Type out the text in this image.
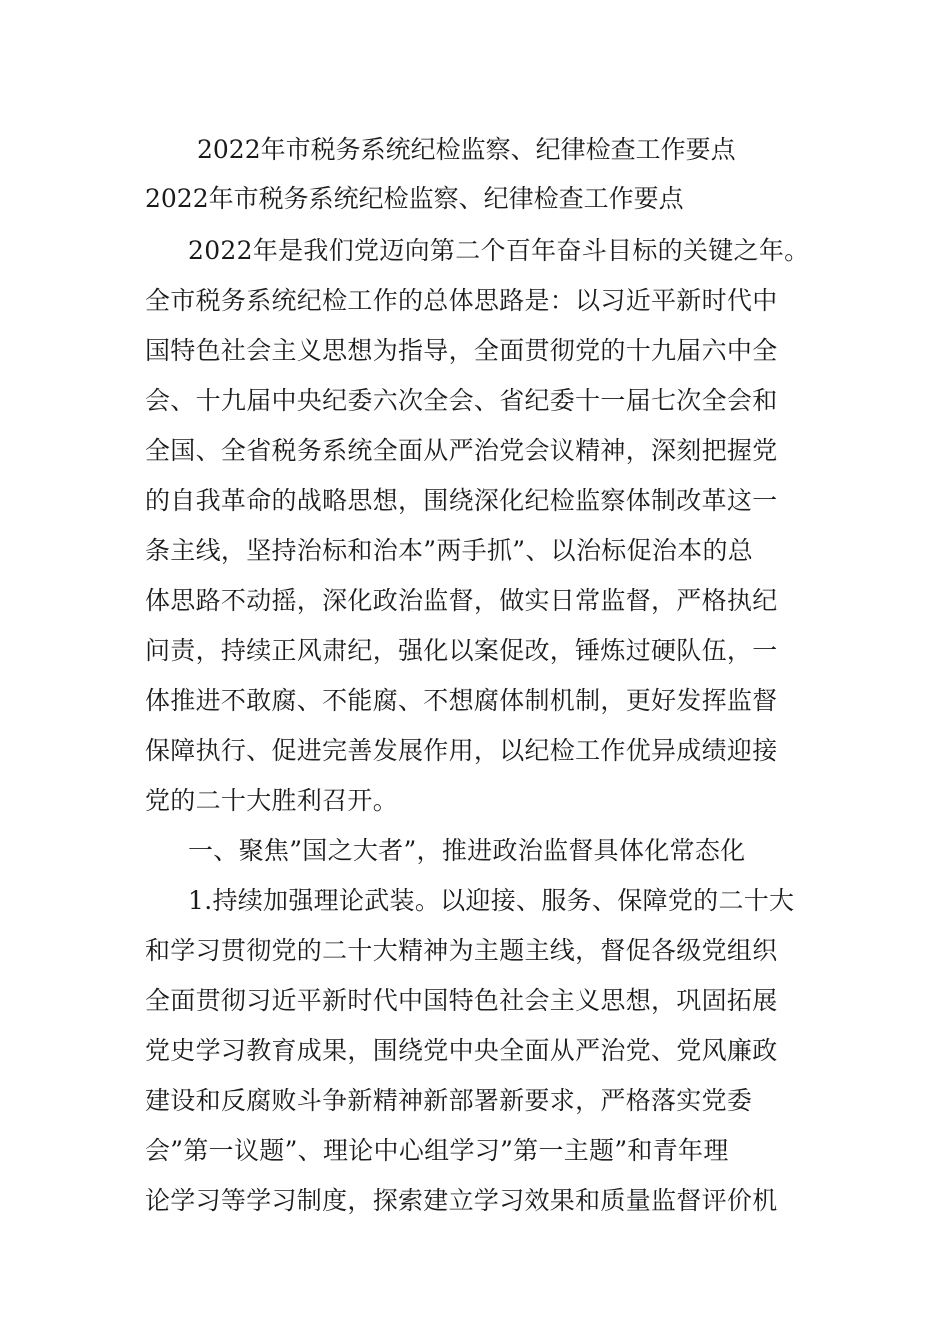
2022年市税务系统纪检监察、纪律检查工作要点
2022年市税务系统纪检监察、纪律检查工作要点
2022年是我们党迈向第二个百年奋斗目标的关键之年。
全市税务系统纪检工作的总体思路是：以习近平新时代中
国特色社会主义思想为指导，全面贯彻党的十九届六中全
会、十九届中央纪委六次全会、省纪委十一届七次全会和
全国、全省税务系统全面从严治党会议精神，深刻把握党
的自我革命的战略思想，围绕深化纪检监察体制改革这一
条主线，坚持治标和治本”两手抓”、以治标促治本的总
体思路不动摇，深化政治监督，做实日常监督，严格执纪
问责，持续正风肃纪，强化以案促改，锤炼过硬队伍，一
体推进不敢腐、不能腐、不想腐体制机制，更好发挥监督
保障执行、促进完善发展作用，以纪检工作优异成绩迎接
党的二十大胜利召开。
一、聚焦”国之大者”，推进政治监督具体化常态化
1.持续加强理论武装。以迎接、服务、保障党的二十大
和学习贯彻党的二十大精神为主题主线，督促各级党组织
全面贯彻习近平新时代中国特色社会主义思想，巩固拓展
党史学习教育成果，围绕党中央全面从严治党、党风廉政
建设和反腐败斗争新精神新部署新要求，严格落实党委
会”第一议题”、理论中心组学习”第一主题”和青年理
论学习等学习制度，探索建立学习效果和质量监督评价机
